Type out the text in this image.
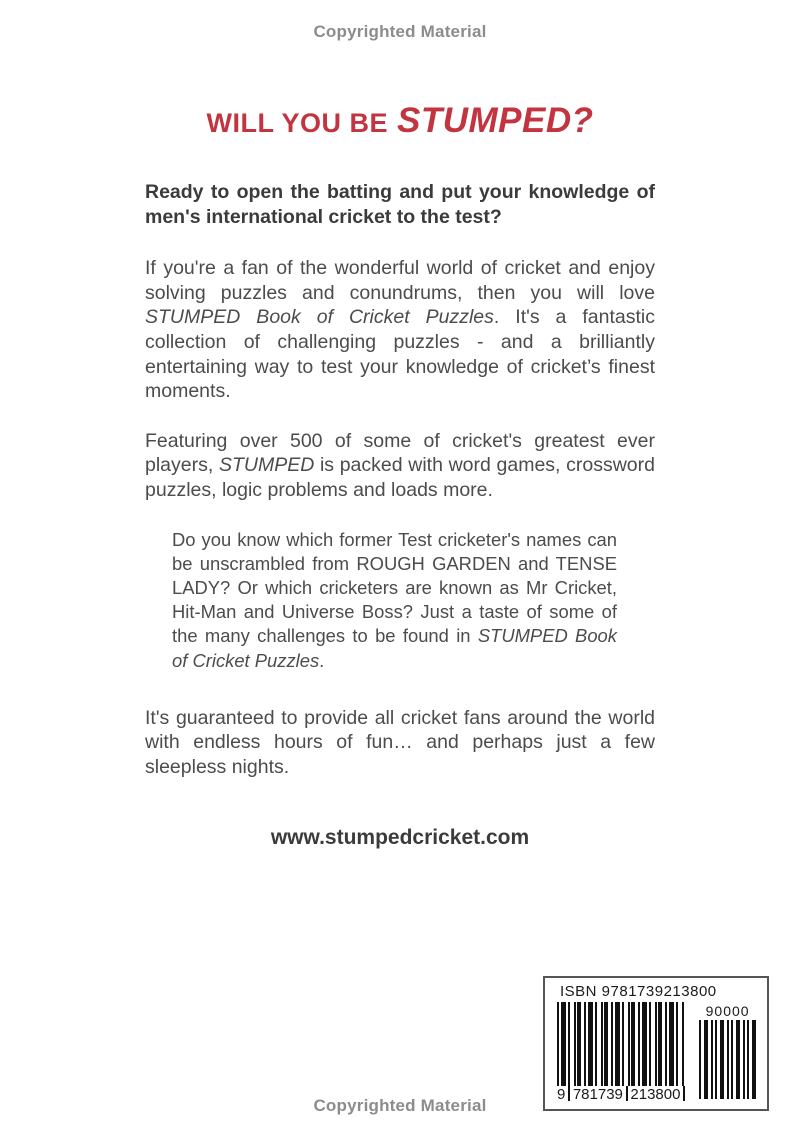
Copyrighted Material
WILL YOU BE STUMPED?

Ready to open the batting and put your knowledge of men's international cricket to the test?

If you're a fan of the wonderful world of cricket and enjoy solving puzzles and conundrums, then you will love STUMPED Book of Cricket Puzzles. It's a fantastic collection of challenging puzzles - and a brilliantly entertaining way to test your knowledge of cricket’s finest moments.

Featuring over 500 of some of cricket's greatest ever players, STUMPED is packed with word games, crossword puzzles, logic problems and loads more.

Do you know which former Test cricketer's names can be unscrambled from ROUGH GARDEN and TENSE LADY? Or which cricketers are known as Mr Cricket, Hit-Man and Universe Boss? Just a taste of some of the many challenges to be found in STUMPED Book of Cricket Puzzles.

It's guaranteed to provide all cricket fans around the world with endless hours of fun… and perhaps just a few sleepless nights.

www.stumpedcricket.com
ISBN 9781739213800
9 781739 213800
90000
Copyrighted Material
